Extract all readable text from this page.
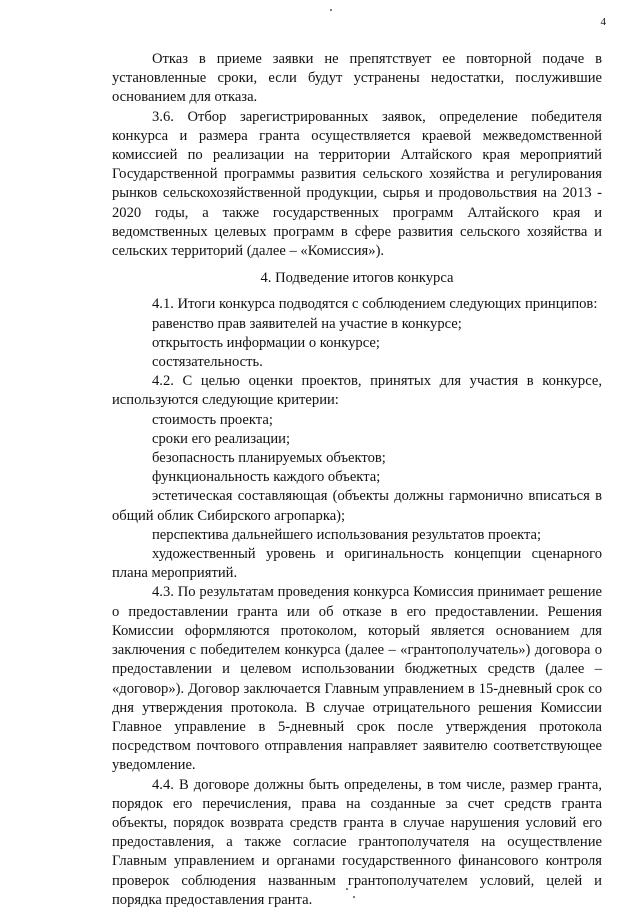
4

Отказ в приеме заявки не препятствует ее повторной подаче в установленные сроки, если будут устранены недостатки, послужившие основанием для отказа.

3.6. Отбор зарегистрированных заявок, определение победителя конкурса и размера гранта осуществляется краевой межведомственной комиссией по реализации на территории Алтайского края мероприятий Государственной программы развития сельского хозяйства и регулирования рынков сельскохозяйственной продукции, сырья и продовольствия на 2013 - 2020 годы, а также государственных программ Алтайского края и ведомственных целевых программ в сфере развития сельского хозяйства и сельских территорий (далее – «Комиссия»).

4. Подведение итогов конкурса

4.1. Итоги конкурса подводятся с соблюдением следующих принципов:

равенство прав заявителей на участие в конкурсе;

открытость информации о конкурсе;

состязательность.

4.2. С целью оценки проектов, принятых для участия в конкурсе, используются следующие критерии:

стоимость проекта;

сроки его реализации;

безопасность планируемых объектов;

функциональность каждого объекта;

эстетическая составляющая (объекты должны гармонично вписаться в общий облик Сибирского агропарка);

перспектива дальнейшего использования результатов проекта;

художественный уровень и оригинальность концепции сценарного плана мероприятий.

4.3. По результатам проведения конкурса Комиссия принимает решение о предоставлении гранта или об отказе в его предоставлении. Решения Комиссии оформляются протоколом, который является основанием для заключения с победителем конкурса (далее – «грантополучатель») договора о предоставлении и целевом использовании бюджетных средств (далее – «договор»). Договор заключается Главным управлением в 15-дневный срок со дня утверждения протокола. В случае отрицательного решения Комиссии Главное управление в 5-дневный срок после утверждения протокола посредством почтового отправления направляет заявителю соответствующее уведомление.

4.4. В договоре должны быть определены, в том числе, размер гранта, порядок его перечисления, права на созданные за счет средств гранта объекты, порядок возврата средств гранта в случае нарушения условий его предоставления, а также согласие грантополучателя на осуществление Главным управлением и органами государственного финансового контроля проверок соблюдения названным грантополучателем условий, целей и порядка предоставления гранта.
